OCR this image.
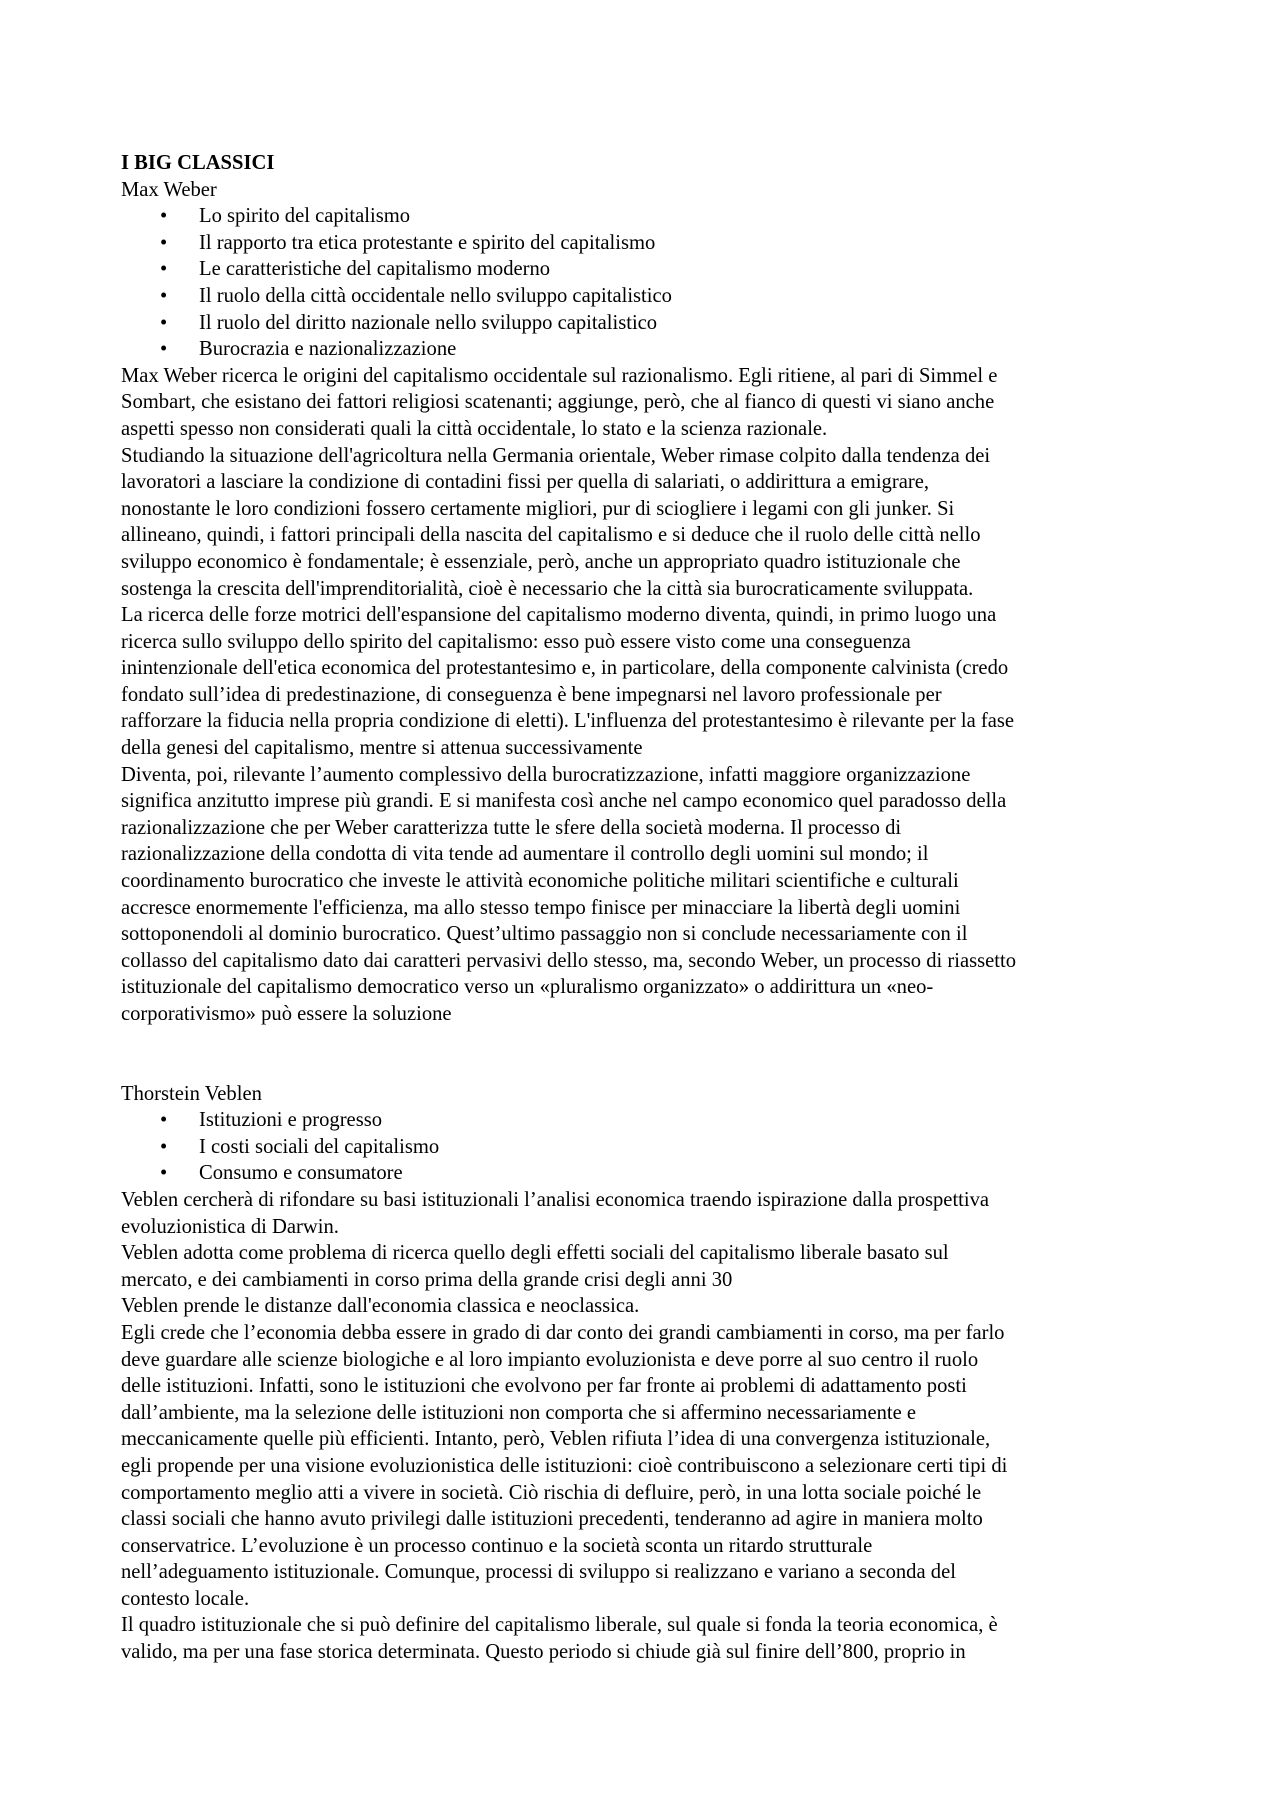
I BIG CLASSICI
Max Weber
• Lo spirito del capitalismo
• Il rapporto tra etica protestante e spirito del capitalismo
• Le caratteristiche del capitalismo moderno
• Il ruolo della città occidentale nello sviluppo capitalistico
• Il ruolo del diritto nazionale nello sviluppo capitalistico
• Burocrazia e nazionalizzazione
Max Weber ricerca le origini del capitalismo occidentale sul razionalismo. Egli ritiene, al pari di Simmel e
Sombart, che esistano dei fattori religiosi scatenanti; aggiunge, però, che al fianco di questi vi siano anche
aspetti spesso non considerati quali la città occidentale, lo stato e la scienza razionale.
Studiando la situazione dell'agricoltura nella Germania orientale, Weber rimase colpito dalla tendenza dei
lavoratori a lasciare la condizione di contadini fissi per quella di salariati, o addirittura a emigrare,
nonostante le loro condizioni fossero certamente migliori, pur di sciogliere i legami con gli junker. Si
allineano, quindi, i fattori principali della nascita del capitalismo e si deduce che il ruolo delle città nello
sviluppo economico è fondamentale; è essenziale, però, anche un appropriato quadro istituzionale che
sostenga la crescita dell'imprenditorialità, cioè è necessario che la città sia burocraticamente sviluppata.
La ricerca delle forze motrici dell'espansione del capitalismo moderno diventa, quindi, in primo luogo una
ricerca sullo sviluppo dello spirito del capitalismo: esso può essere visto come una conseguenza
inintenzionale dell'etica economica del protestantesimo e, in particolare, della componente calvinista (credo
fondato sull’idea di predestinazione, di conseguenza è bene impegnarsi nel lavoro professionale per
rafforzare la fiducia nella propria condizione di eletti). L'influenza del protestantesimo è rilevante per la fase
della genesi del capitalismo, mentre si attenua successivamente
Diventa, poi, rilevante l’aumento complessivo della burocratizzazione, infatti maggiore organizzazione
significa anzitutto imprese più grandi. E si manifesta così anche nel campo economico quel paradosso della
razionalizzazione che per Weber caratterizza tutte le sfere della società moderna. Il processo di
razionalizzazione della condotta di vita tende ad aumentare il controllo degli uomini sul mondo; il
coordinamento burocratico che investe le attività economiche politiche militari scientifiche e culturali
accresce enormemente l'efficienza, ma allo stesso tempo finisce per minacciare la libertà degli uomini
sottoponendoli al dominio burocratico. Quest’ultimo passaggio non si conclude necessariamente con il
collasso del capitalismo dato dai caratteri pervasivi dello stesso, ma, secondo Weber, un processo di riassetto
istituzionale del capitalismo democratico verso un «pluralismo organizzato» o addirittura un «neo-
corporativismo» può essere la soluzione
Thorstein Veblen
• Istituzioni e progresso
• I costi sociali del capitalismo
• Consumo e consumatore
Veblen cercherà di rifondare su basi istituzionali l’analisi economica traendo ispirazione dalla prospettiva
evoluzionistica di Darwin.
Veblen adotta come problema di ricerca quello degli effetti sociali del capitalismo liberale basato sul
mercato, e dei cambiamenti in corso prima della grande crisi degli anni 30
Veblen prende le distanze dall'economia classica e neoclassica.
Egli crede che l’economia debba essere in grado di dar conto dei grandi cambiamenti in corso, ma per farlo
deve guardare alle scienze biologiche e al loro impianto evoluzionista e deve porre al suo centro il ruolo
delle istituzioni. Infatti, sono le istituzioni che evolvono per far fronte ai problemi di adattamento posti
dall’ambiente, ma la selezione delle istituzioni non comporta che si affermino necessariamente e
meccanicamente quelle più efficienti. Intanto, però, Veblen rifiuta l’idea di una convergenza istituzionale,
egli propende per una visione evoluzionistica delle istituzioni: cioè contribuiscono a selezionare certi tipi di
comportamento meglio atti a vivere in società. Ciò rischia di defluire, però, in una lotta sociale poiché le
classi sociali che hanno avuto privilegi dalle istituzioni precedenti, tenderanno ad agire in maniera molto
conservatrice. L’evoluzione è un processo continuo e la società sconta un ritardo strutturale
nell’adeguamento istituzionale. Comunque, processi di sviluppo si realizzano e variano a seconda del
contesto locale.
Il quadro istituzionale che si può definire del capitalismo liberale, sul quale si fonda la teoria economica, è
valido, ma per una fase storica determinata. Questo periodo si chiude già sul finire dell’800, proprio in
